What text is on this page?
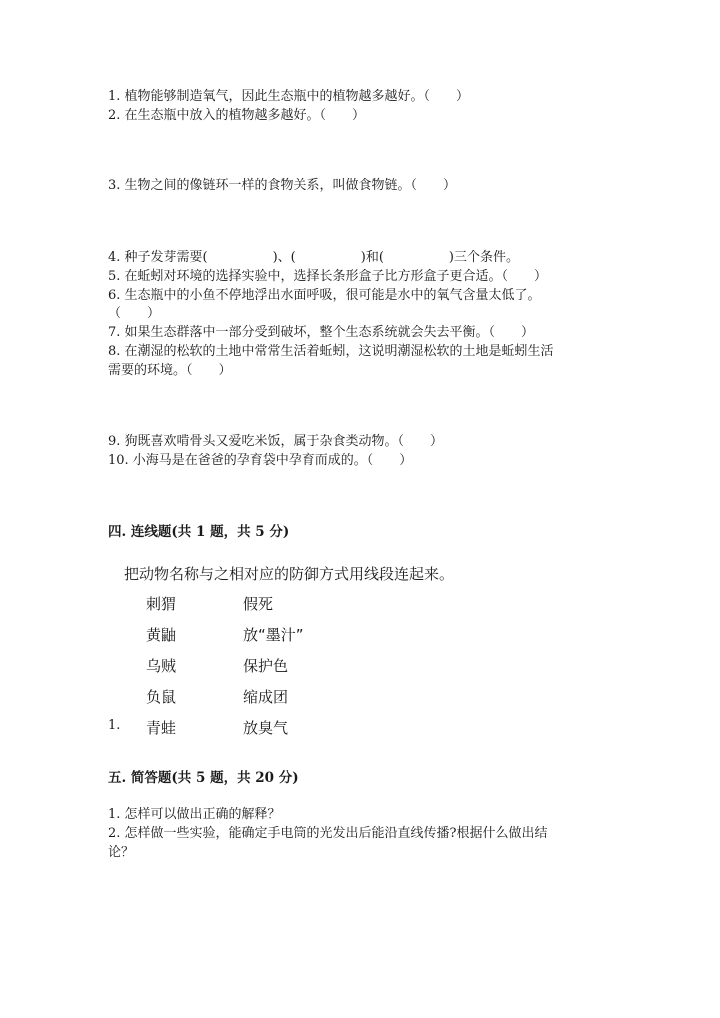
1. 植物能够制造氧气，因此生态瓶中的植物越多越好。（　　）
2. 在生态瓶中放入的植物越多越好。（　　）
3. 生物之间的像链环一样的食物关系，叫做食物链。（　　）
4. 种子发芽需要(　　　　　)、(　　　　　)和(　　　　　)三个条件。
5. 在蚯蚓对环境的选择实验中，选择长条形盒子比方形盒子更合适。（　　）
6. 生态瓶中的小鱼不停地浮出水面呼吸，很可能是水中的氧气含量太低了。
（　　）
7. 如果生态群落中一部分受到破坏，整个生态系统就会失去平衡。（　　）
8. 在潮湿的松软的土地中常常生活着蚯蚓，这说明潮湿松软的土地是蚯蚓生活
需要的环境。（　　）
9. 狗既喜欢啃骨头又爱吃米饭，属于杂食类动物。（　　）
10. 小海马是在爸爸的孕育袋中孕育而成的。（　　）
四. 连线题(共 1 题，共 5 分)
把动物名称与之相对应的防御方式用线段连起来。
刺猬
黄鼬
乌贼
负鼠
青蛙
假死
放“墨汁”
保护色
缩成团
放臭气
1.
五. 简答题(共 5 题，共 20 分)
1. 怎样可以做出正确的解释？
2. 怎样做一些实验，能确定手电筒的光发出后能沿直线传播?根据什么做出结
论？
